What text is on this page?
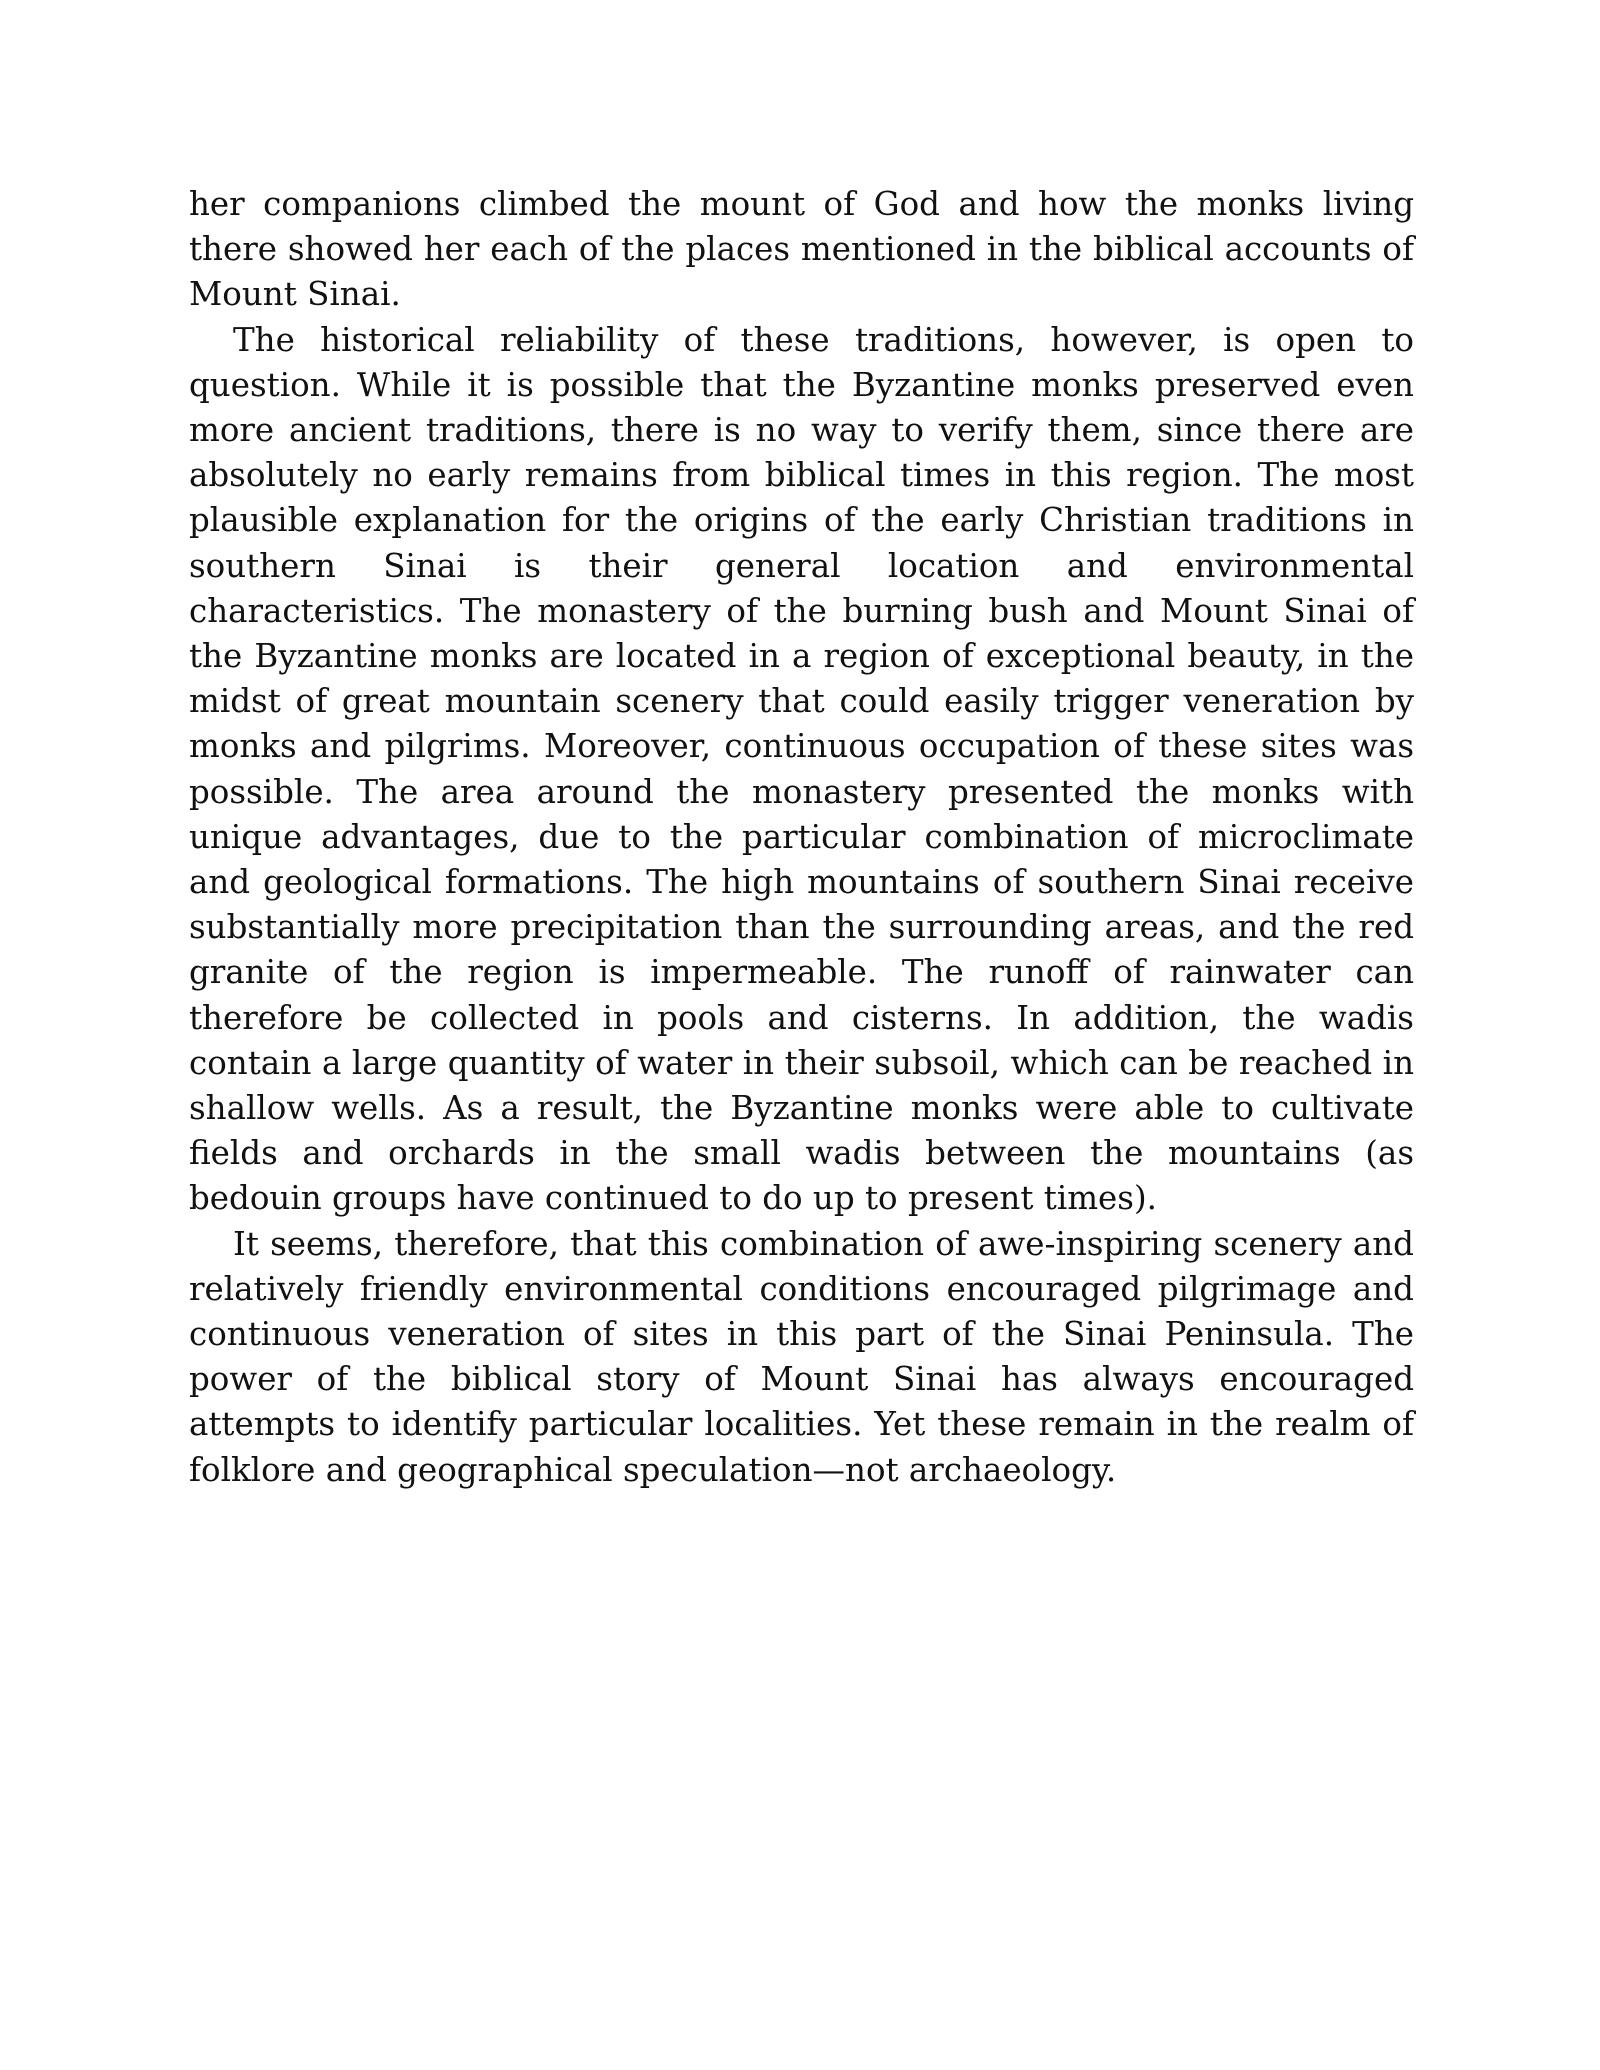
her companions climbed the mount of God and how the monks living there showed her each of the places mentioned in the biblical accounts of Mount Sinai.

The historical reliability of these traditions, however, is open to question. While it is possible that the Byzantine monks preserved even more ancient traditions, there is no way to verify them, since there are absolutely no early remains from biblical times in this region. The most plausible explanation for the origins of the early Christian traditions in southern Sinai is their general location and environmental characteristics. The monastery of the burning bush and Mount Sinai of the Byzantine monks are located in a region of exceptional beauty, in the midst of great mountain scenery that could easily trigger veneration by monks and pilgrims. Moreover, continuous occupation of these sites was possible. The area around the monastery presented the monks with unique advantages, due to the particular combination of microclimate and geological formations. The high mountains of southern Sinai receive substantially more precipitation than the surrounding areas, and the red granite of the region is impermeable. The runoff of rainwater can therefore be collected in pools and cisterns. In addition, the wadis contain a large quantity of water in their subsoil, which can be reached in shallow wells. As a result, the Byzantine monks were able to cultivate fields and orchards in the small wadis between the mountains (as bedouin groups have continued to do up to present times).

It seems, therefore, that this combination of awe-inspiring scenery and relatively friendly environmental conditions encouraged pilgrimage and continuous veneration of sites in this part of the Sinai Peninsula. The power of the biblical story of Mount Sinai has always encouraged attempts to identify particular localities. Yet these remain in the realm of folklore and geographical speculation—not archaeology.
